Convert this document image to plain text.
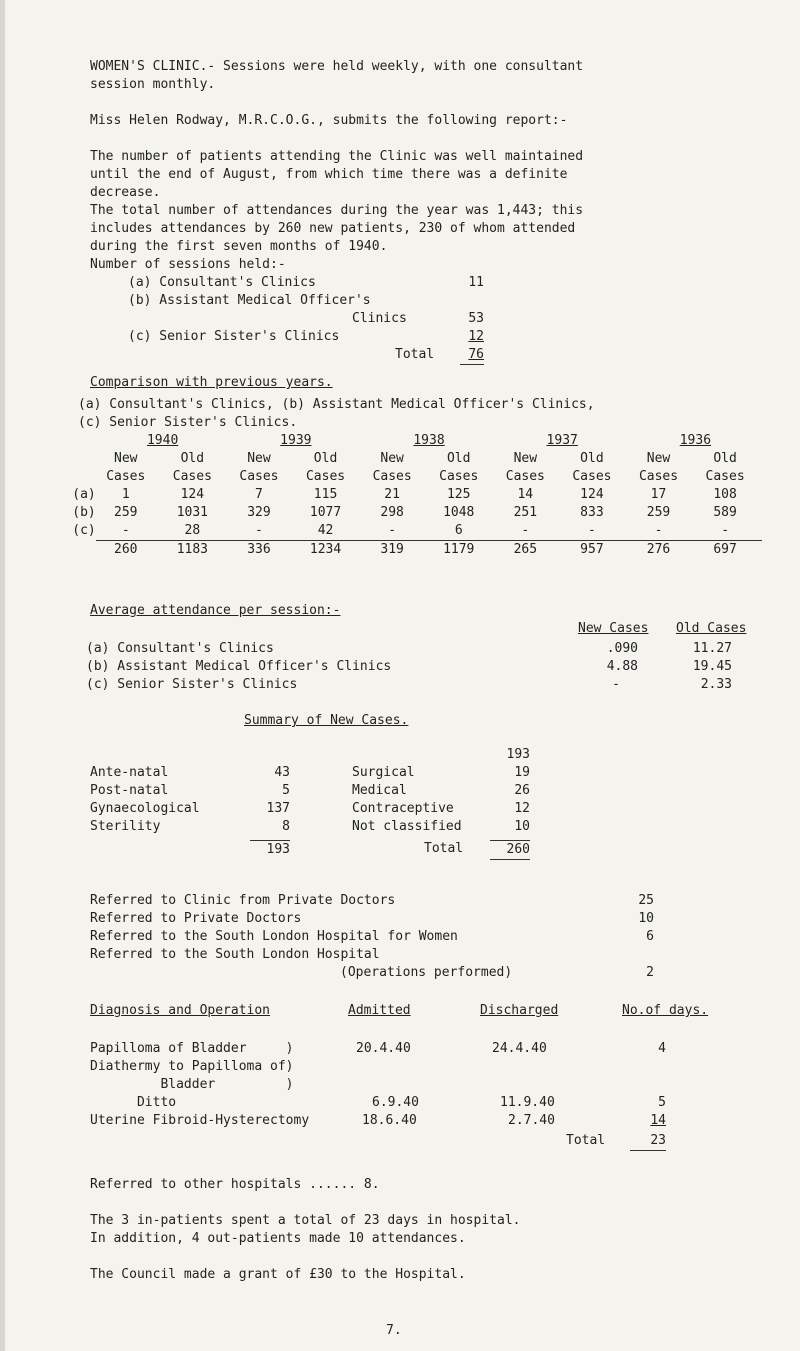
WOMEN'S CLINIC.- Sessions were held weekly, with one consultant
session monthly.
Miss Helen Rodway, M.R.C.O.G., submits the following report:-
The number of patients attending the Clinic was well maintained
until the end of August, from which time there was a definite
decrease.
The total number of attendances during the year was 1,443; this
includes attendances by 260 new patients, 230 of whom attended
during the first seven months of 1940.
Number of sessions held:-
(a) Consultant's Clinics	11
(b) Assistant Medical Officer's
Clinics	53
(c) Senior Sister's Clinics	12
Total	76
Comparison with previous years.
(a) Consultant's Clinics, (b) Assistant Medical Officer's Clinics,
(c) Senior Sister's Clinics.
	1940		1939		1938		1937		1936	
	New	Old	New	Old	New	Old	New	Old	New	Old
	Cases	Cases	Cases	Cases	Cases	Cases	Cases	Cases	Cases	Cases
(a)	1	124	7	115	21	125	14	124	17	108
(b)	259	1031	329	1077	298	1048	251	833	259	589
(c)	-	28	-	42	-	6	-	-	-	-
	260	1183	336	1234	319	1179	265	957	276	697
Average attendance per session:-
New Cases Old Cases
(a) Consultant's Clinics	.090	11.27
(b) Assistant Medical Officer's Clinics	4.88	19.45
(c) Senior Sister's Clinics	-	2.33
Summary of New Cases.
193
Ante-natal	43
Post-natal	5
Gynaecological	137
Sterility	8
193
Surgical	19
Medical	26
Contraceptive	12
Not classified	10
Total	260
Referred to Clinic from Private Doctors	25
Referred to Private Doctors	10
Referred to the South London Hospital for Women	6
Referred to the South London Hospital
(Operations performed)	2
Diagnosis and Operation	Admitted	Discharged	No.of days.
Papilloma of Bladder     )	20.4.40	24.4.40	4
Diathermy to Papilloma of)
Bladder         )
Ditto	6.9.40	11.9.40	5
Uterine Fibroid-Hysterectomy	18.6.40	2.7.40	14
Total	23
Referred to other hospitals ...... 8.
The 3 in-patients spent a total of 23 days in hospital.
In addition, 4 out-patients made 10 attendances.
The Council made a grant of £30 to the Hospital.
7.
